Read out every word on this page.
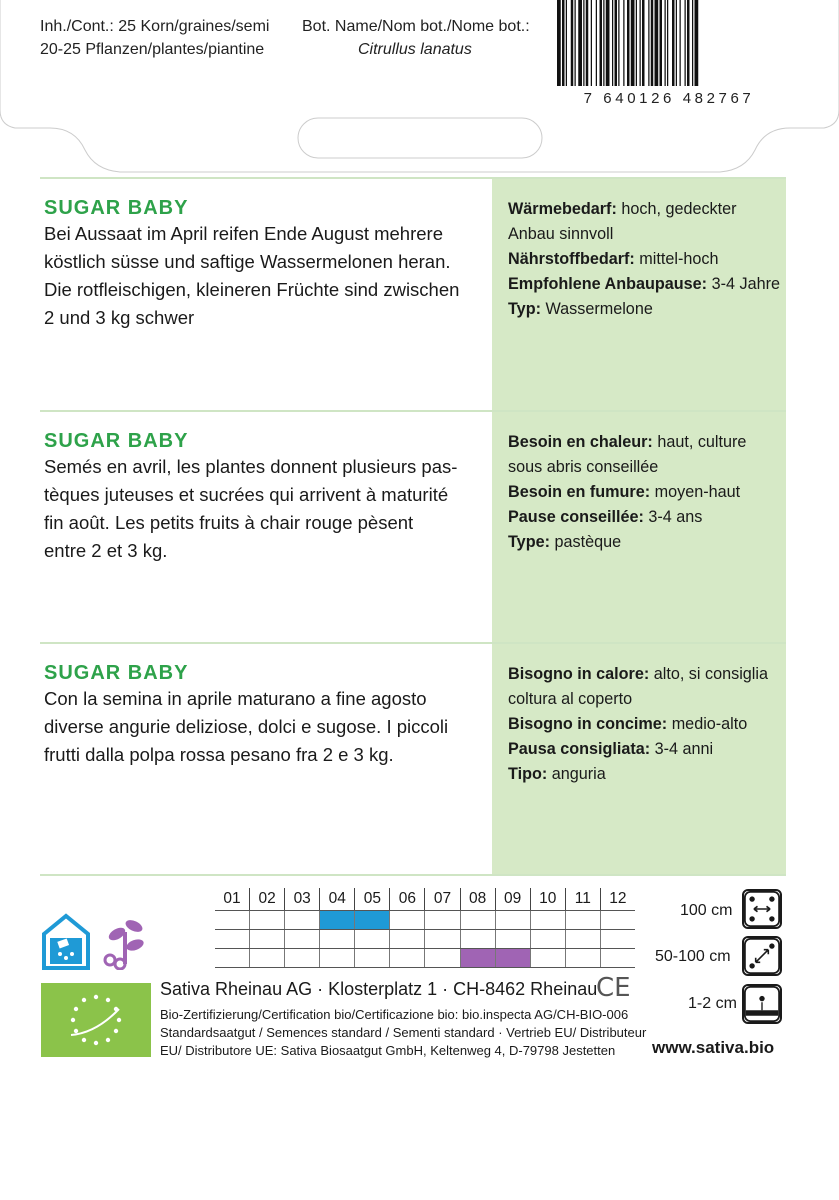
Inh./Cont.: 25 Korn/graines/semi
20-25 Pflanzen/plantes/piantine
Bot. Name/Nom bot./Nome bot.:
Citrullus lanatus
7 640126 482767
SUGAR BABY
Bei Aussaat im April reifen Ende August mehrere
köstlich süsse und saftige Wassermelonen heran.
Die rotfleischigen, kleineren Früchte sind zwischen
2 und 3 kg schwer
Wärmebedarf: hoch, gedeckter
Anbau sinnvoll
Nährstoffbedarf: mittel-hoch
Empfohlene Anbaupause: 3-4 Jahre
Typ: Wassermelone
SUGAR BABY
Semés en avril, les plantes donnent plusieurs pas-
tèques juteuses et sucrées qui arrivent à maturité
fin août. Les petits fruits à chair rouge pèsent
entre 2 et 3 kg.
Besoin en chaleur: haut, culture
sous abris conseillée
Besoin en fumure: moyen-haut
Pause conseillée: 3-4 ans
Type: pastèque
SUGAR BABY
Con la semina in aprile maturano a fine agosto
diverse angurie deliziose, dolci e sugose. I piccoli
frutti dalla polpa rossa pesano fra 2 e 3 kg.
Bisogno in calore: alto, si consiglia
coltura al coperto
Bisogno in concime: medio-alto
Pausa consigliata: 3-4 anni
Tipo: anguria
01	02	03	04	05	06	07	08	09	10	11	12
Sativa Rheinau AG · Klosterplatz 1 · CH-8462 Rheinau
CE
Bio-Zertifizierung/Certification bio/Certificazione bio: bio.inspecta AG/CH-BIO-006
Standardsaatgut / Semences standard / Sementi standard · Vertrieb EU/ Distributeur
EU/ Distributore UE: Sativa Biosaatgut GmbH, Keltenweg 4, D-79798 Jestetten www.sativa.bio
100 cm
50-100 cm
1-2 cm
